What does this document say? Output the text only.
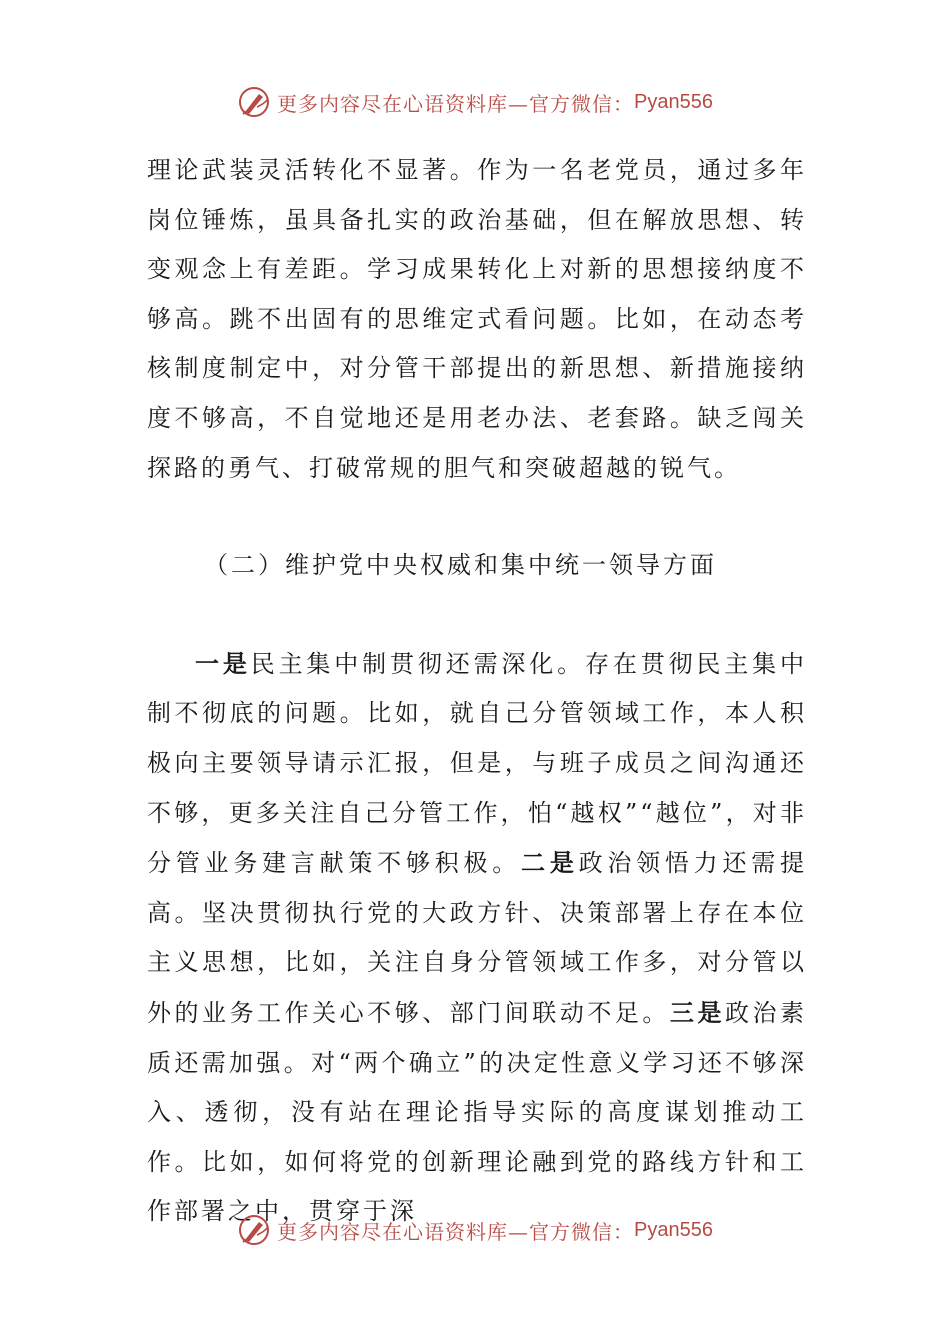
更多内容尽在心语资料库—官方微信： Pyan556

理论武装灵活转化不显著。作为一名老党员，通过多年岗位锤炼，虽具备扎实的政治基础，但在解放思想、转变观念上有差距。学习成果转化上对新的思想接纳度不够高。跳不出固有的思维定式看问题。比如，在动态考核制度制定中，对分管干部提出的新思想、新措施接纳度不够高，不自觉地还是用老办法、老套路。缺乏闯关探路的勇气、打破常规的胆气和突破超越的锐气。

（二）维护党中央权威和集中统一领导方面

一是民主集中制贯彻还需深化。存在贯彻民主集中制不彻底的问题。比如，就自己分管领域工作，本人积极向主要领导请示汇报，但是，与班子成员之间沟通还不够，更多关注自己分管工作，怕“越权”“越位”，对非分管业务建言献策不够积极。二是政治领悟力还需提高。坚决贯彻执行党的大政方针、决策部署上存在本位主义思想，比如，关注自身分管领域工作多，对分管以外的业务工作关心不够、部门间联动不足。三是政治素质还需加强。对“两个确立”的决定性意义学习还不够深入、透彻，没有站在理论指导实际的高度谋划推动工作。比如，如何将党的创新理论融到党的路线方针和工作部署之中，贯穿于深

更多内容尽在心语资料库—官方微信： Pyan556
